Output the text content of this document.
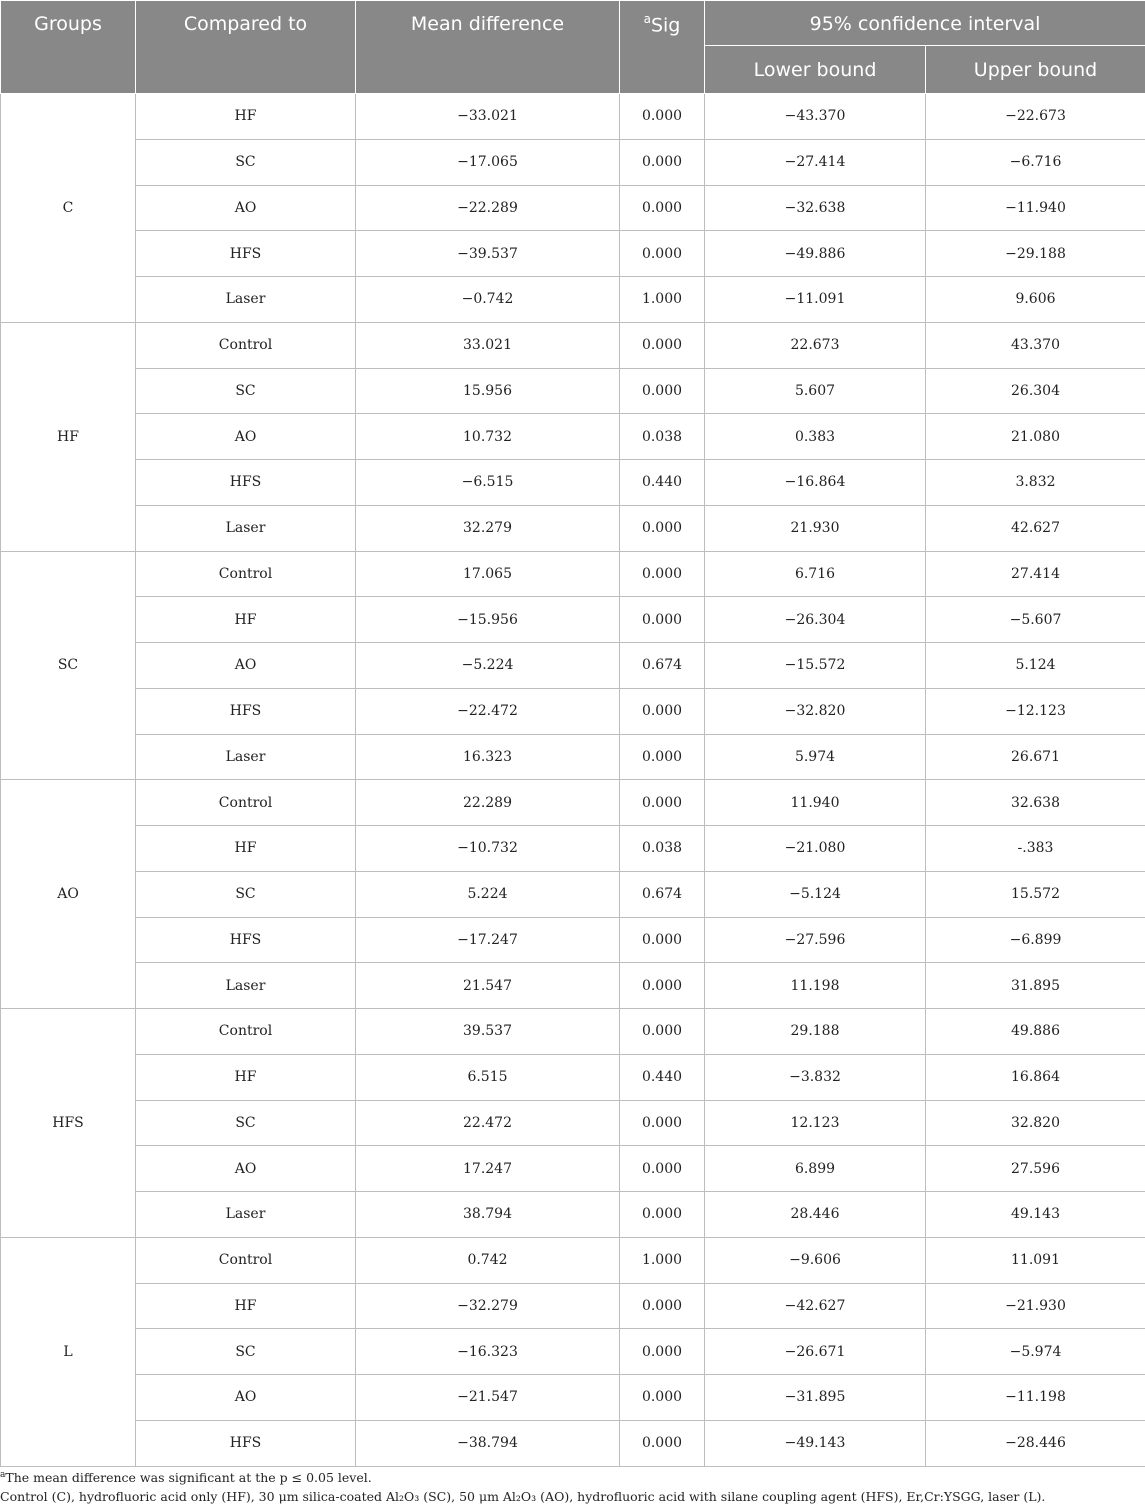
Groups	Compared to	Mean difference	$^a$Sig	95% confidence interval	
				Lower bound	Upper bound
C	HF	−33.021	0.000	−43.370	−22.673
	SC	−17.065	0.000	−27.414	−6.716
	AO	−22.289	0.000	−32.638	−11.940
	HFS	−39.537	0.000	−49.886	−29.188
	Laser	−0.742	1.000	−11.091	9.606
HF	Control	33.021	0.000	22.673	43.370
	SC	15.956	0.000	5.607	26.304
	AO	10.732	0.038	0.383	21.080
	HFS	−6.515	0.440	−16.864	3.832
	Laser	32.279	0.000	21.930	42.627
SC	Control	17.065	0.000	6.716	27.414
	HF	−15.956	0.000	−26.304	−5.607
	AO	−5.224	0.674	−15.572	5.124
	HFS	−22.472	0.000	−32.820	−12.123
	Laser	16.323	0.000	5.974	26.671
AO	Control	22.289	0.000	11.940	32.638
	HF	−10.732	0.038	−21.080	-.383
	SC	5.224	0.674	−5.124	15.572
	HFS	−17.247	0.000	−27.596	−6.899
	Laser	21.547	0.000	11.198	31.895
HFS	Control	39.537	0.000	29.188	49.886
	HF	6.515	0.440	−3.832	16.864
	SC	22.472	0.000	12.123	32.820
	AO	17.247	0.000	6.899	27.596
	Laser	38.794	0.000	28.446	49.143
L	Control	0.742	1.000	−9.606	11.091
	HF	−32.279	0.000	−42.627	−21.930
	SC	−16.323	0.000	−26.671	−5.974
	AO	−21.547	0.000	−31.895	−11.198
	HFS	−38.794	0.000	−49.143	−28.446
$^a$The mean difference was significant at the p ≤ 0.05 level.
Control (C), hydrofluoric acid only (HF), 30 μm silica-coated Al₂O₃ (SC), 50 μm Al₂O₃ (AO), hydrofluoric acid with silane coupling agent (HFS), Er,Cr:YSGG, laser (L).
